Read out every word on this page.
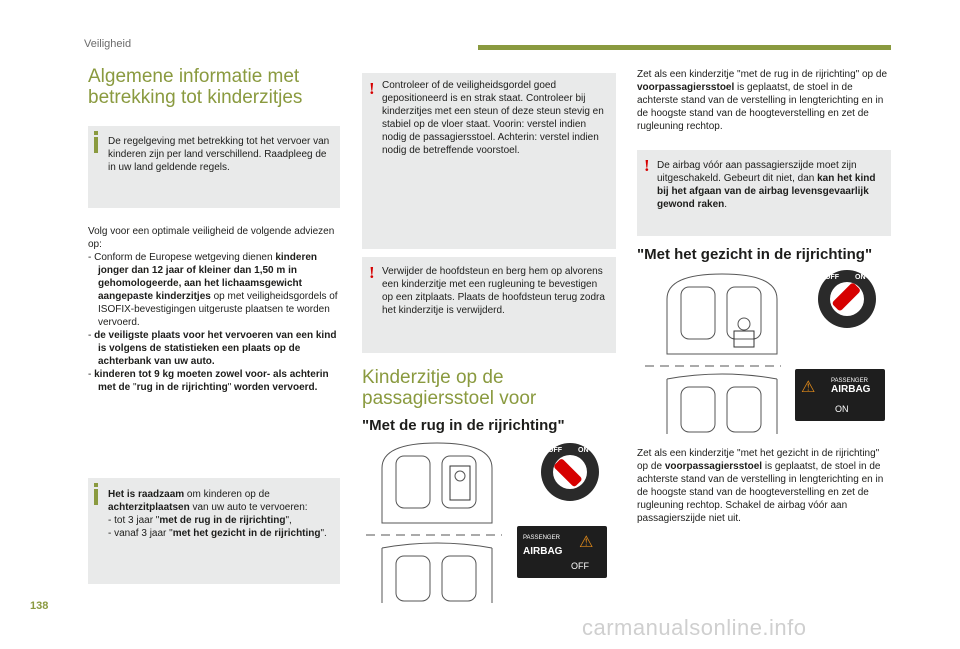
Veiligheid
Algemene informatie met
betrekking tot kinderzitjes
De regelgeving met betrekking tot het vervoer van kinderen zijn per land verschillend. Raadpleeg de in uw land geldende regels.
Volg voor een optimale veiligheid de volgende adviezen op:
- Conform de Europese wetgeving dienen kinderen jonger dan 12 jaar of kleiner dan 1,50 m in gehomologeerde, aan het lichaamsgewicht aangepaste kinderzitjes op met veiligheidsgordels of ISOFIX-bevestigingen uitgeruste plaatsen te worden vervoerd.
- de veiligste plaats voor het vervoeren van een kind is volgens de statistieken een plaats op de achterbank van uw auto.
- kinderen tot 9 kg moeten zowel voor- als achterin met de "rug in de rijrichting" worden vervoerd.
Het is raadzaam om kinderen op de achterzitplaatsen van uw auto te vervoeren:
- tot 3 jaar "met de rug in de rijrichting",
- vanaf 3 jaar "met het gezicht in de rijrichting".
! Controleer of de veiligheidsgordel goed gepositioneerd is en strak staat. Controleer bij kinderzitjes met een steun of deze steun stevig en stabiel op de vloer staat. Voorin: verstel indien nodig de passagiersstoel. Achterin: verstel indien nodig de betreffende voorstoel.
! Verwijder de hoofdsteun en berg hem op alvorens een kinderzitje met een rugleuning te bevestigen op een zitplaats. Plaats de hoofdsteun terug zodra het kinderzitje is verwijderd.
Kinderzitje op de
passagiersstoel voor
"Met de rug in de rijrichting"
OFF ON
PASSENGER
AIRBAG
⚠
OFF
Zet als een kinderzitje "met de rug in de rijrichting" op de voorpassagiersstoel is geplaatst, de stoel in de achterste stand van de verstelling in lengterichting en in de hoogste stand van de hoogteverstelling en zet de rugleuning rechtop.
! De airbag vóór aan passagierszijde moet zijn uitgeschakeld. Gebeurt dit niet, dan kan het kind bij het afgaan van de airbag levensgevaarlijk gewond raken.
"Met het gezicht in de rijrichting"
OFF ON
⚠	PASSENGER
AIRBAG
ON
Zet als een kinderzitje "met het gezicht in de rijrichting" op de voorpassagiersstoel is geplaatst, de stoel in de achterste stand van de verstelling in lengterichting en in de hoogste stand van de hoogteverstelling en zet de rugleuning rechtop. Schakel de airbag vóór aan passagierszijde niet uit.
138
carmanualsonline.info
